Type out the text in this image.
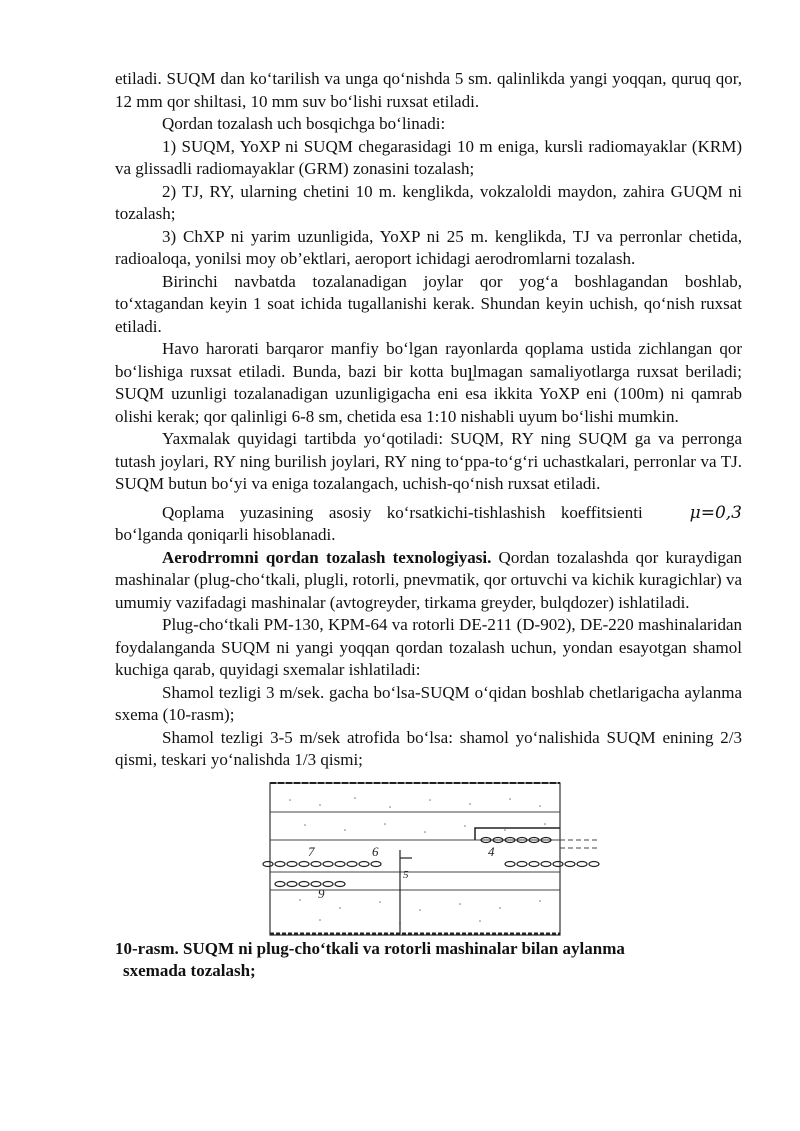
etiladi. SUQM dan ko‘tarilish va unga qo‘nishda 5 sm. qalinlikda yangi yoqqan, quruq qor, 12 mm qor shiltasi, 10 mm suv bo‘lishi ruxsat etiladi.

Qordan tozalash uch bosqichga bo‘linadi:

1) SUQM, YoXP ni SUQM chegarasidagi 10 m eniga, kursli radiomayaklar (KRM) va glissadli radiomayaklar (GRM) zonasini tozalash;

2) TJ, RY, ularning chetini 10 m. kenglikda, vokzaloldi maydon, zahira GUQM ni tozalash;

3) ChXP ni yarim uzunligida, YoXP ni 25 m. kenglikda, TJ va perronlar chetida, radioaloqa, yonilsi moy ob’ektlari, aeroport ichidagi aerodromlarni tozalash.

Birinchi navbatda tozalanadigan joylar qor yog‘a boshlagandan boshlab, to‘xtagandan keyin 1 soat ichida tugallanishi kerak. Shundan keyin uchish, qo‘nish ruxsat etiladi.

Havo harorati barqaror manfiy bo‘lgan rayonlarda qoplama ustida zichlangan qor bo‘lishiga ruxsat etiladi. Bunda, bazi bir kotta buլlmagan samaliyotlarga ruxsat beriladi; SUQM uzunligi tozalanadigan uzunligigacha eni esa ikkita YoXP eni (100m) ni qamrab olishi kerak; qor qalinligi 6-8 sm, chetida esa 1:10 nishabli uyum bo‘lishi mumkin.

Yaxmalak quyidagi tartibda yo‘qotiladi: SUQM, RY ning SUQM ga va perronga tutash joylari, RY ning burilish joylari, RY ning to‘ppa-to‘g‘ri uchastkalari, perronlar va TJ. SUQM butun bo‘yi va eniga tozalangach, uchish-qo‘nish ruxsat etiladi.

μ=0,3
Qoplama yuzasining asosiy ko‘rsatkichi-tishlashish koeffitsienti bo‘lganda qoniqarli hisoblanadi.

Aerodrromni qordan tozalash texnologiyasi. Qordan tozalashda qor kuraydigan mashinalar (plug-cho‘tkali, plugli, rotorli, pnevmatik, qor ortuvchi va kichik kuragichlar) va umumiy vazifadagi mashinalar (avtogreyder, tirkama greyder, bulqdozer) ishlatiladi.

Plug-cho‘tkali PM-130, KPM-64 va rotorli DE-211 (D-902), DE-220 mashinalaridan foydalanganda SUQM ni yangi yoqqan qordan tozalash uchun, yondan esayotgan shamol kuchiga qarab, quyidagi sxemalar ishlatiladi:

Shamol tezligi 3 m/sek. gacha bo‘lsa-SUQM o‘qidan boshlab chetlarigacha aylanma sxema (10-rasm);

Shamol tezligi 3-5 m/sek atrofida bo‘lsa: shamol yo‘nalishida SUQM enining 2/3 qismi, teskari yo‘nalishda 1/3 qismi;

7	6	4
9
5

10-rasm. SUQM ni plug-cho‘tkali va rotorli mashinalar bilan aylanma
sxemada tozalash;
